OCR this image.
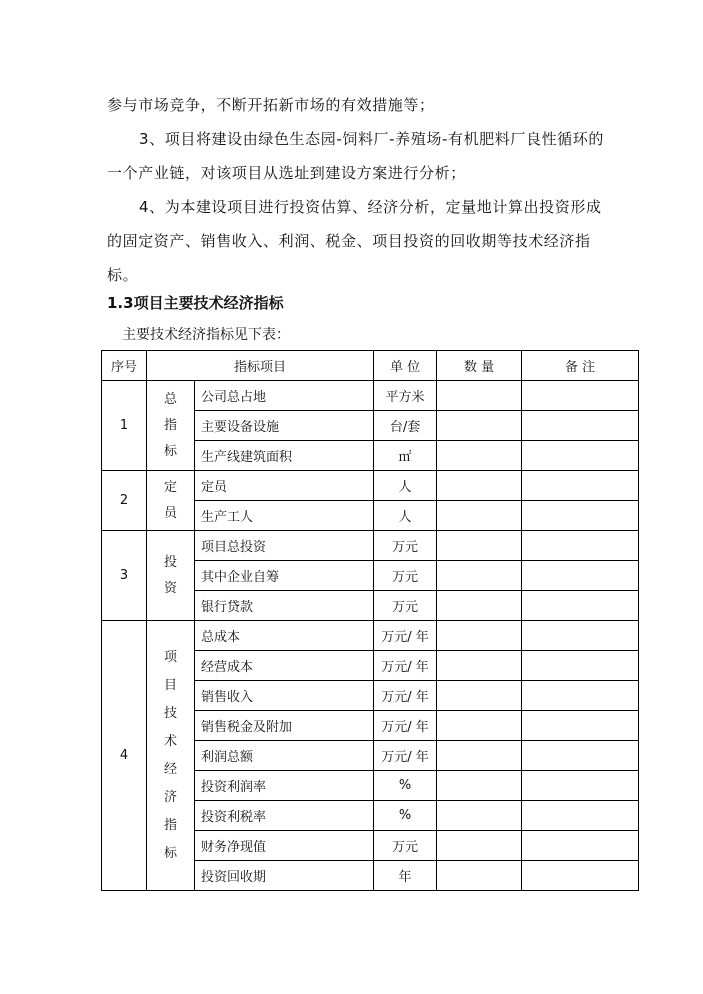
参与市场竞争，不断开拓新市场的有效措施等；
3、项目将建设由绿色生态园-饲料厂-养殖场-有机肥料厂良性循环的一个产业链，对该项目从选址到建设方案进行分析；
4、为本建设项目进行投资估算、经济分析，定量地计算出投资形成的固定资产、销售收入、利润、税金、项目投资的回收期等技术经济指标。
1.3项目主要技术经济指标
主要技术经济指标见下表：
序号	指标项目		单 位	数 量	备 注
1	总指标	公司总占地	平方米		
		主要设备设施	台/套		
		生产线建筑面积	㎡		
2	定员	定员	人		
		生产工人	人		
3	投资	项目总投资	万元		
		其中企业自筹	万元		
		银行贷款	万元		
4	项目技术经济指标	总成本	万元/ 年		
		经营成本	万元/ 年		
		销售收入	万元/ 年		
		销售税金及附加	万元/ 年		
		利润总额	万元/ 年		
		投资利润率	%		
		投资利税率	%		
		财务净现值	万元		
		投资回收期	年		
